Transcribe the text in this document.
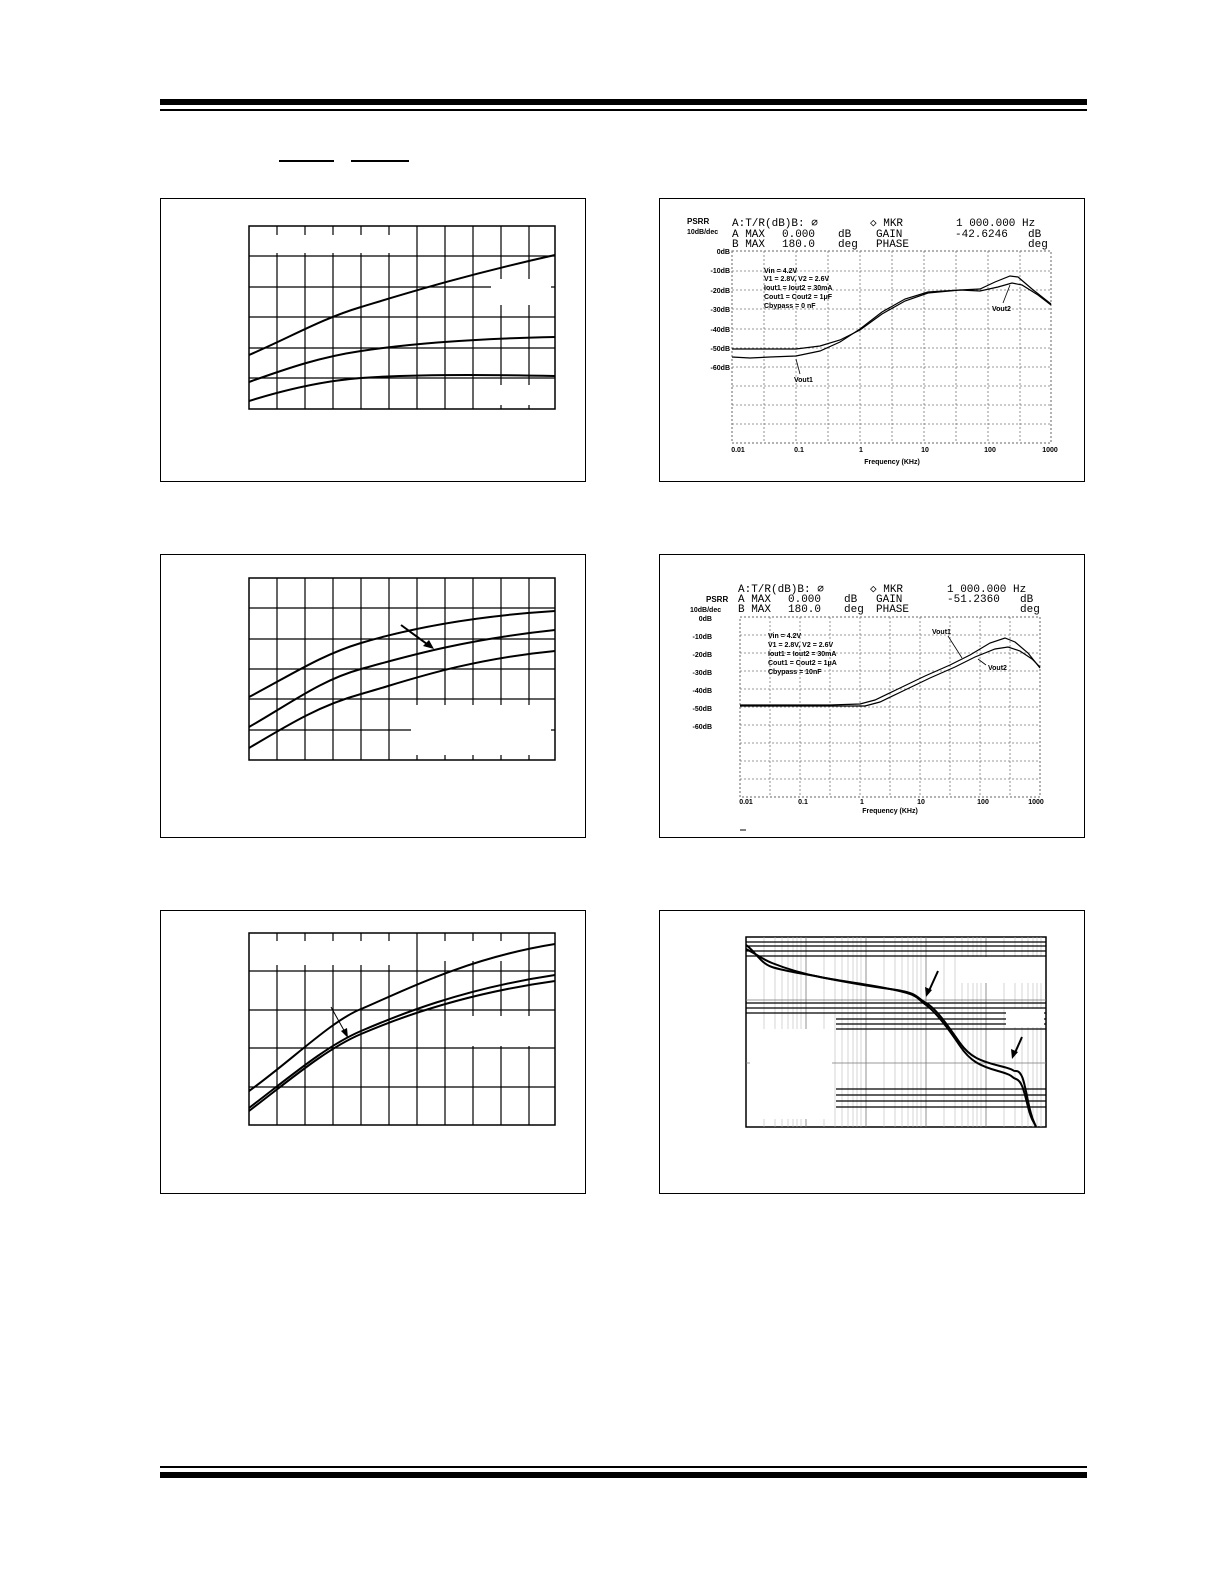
PSRR
10dB/dec
A:T/R(dB)B: ∅	◇ MKR	1 000.000 Hz
A MAX 0.000 dB GAIN	-42.6246 dB
B MAX 180.0 deg PHASE	deg
0dB
-10dB
-20dB
-30dB
-40dB
-50dB
-60dB
0.01	0.1	1	10	100	1000
Frequency (KHz)
Vin = 4.2V
V1 = 2.8V, V2 = 2.6V
Iout1 = Iout2 = 30mA
Cout1 = Cout2 = 1μF
Cbypass = 0 nF
Vout1
Vout2
PSRR
10dB/dec
A:T/R(dB)B: ∅	◇ MKR	1 000.000 Hz
A MAX 0.000 dB GAIN	-51.2360 dB
B MAX 180.0 deg PHASE	deg
0dB
-10dB
-20dB
-30dB
-40dB
-50dB
-60dB
0.01	0.1	1	10	100	1000
Frequency (KHz)
Vin = 4.2V
V1 = 2.8V, V2 = 2.6V
Iout1 = Iout2 = 30mA
Cout1 = Cout2 = 1μA
Cbypass = 10nF
Vout1
Vout2
